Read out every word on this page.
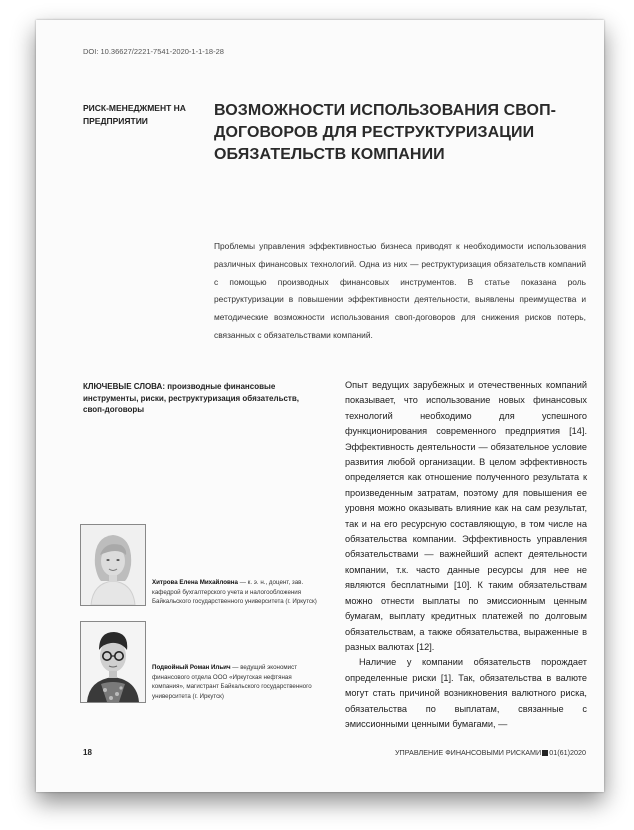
DOI: 10.36627/2221-7541-2020-1-1-18-28
РИСК-МЕНЕДЖМЕНТ НА ПРЕДПРИЯТИИ
ВОЗМОЖНОСТИ ИСПОЛЬЗОВАНИЯ СВОП-ДОГОВОРОВ ДЛЯ РЕСТРУКТУРИЗАЦИИ ОБЯЗАТЕЛЬСТВ КОМПАНИИ
Проблемы управления эффективностью бизнеса приводят к необходимости использования различных финансовых технологий. Одна из них — реструктуризация обязательств компаний с помощью производных финансовых инструментов. В статье показана роль реструктуризации в повышении эффективности деятельности, выявлены преимущества и методические возможности использования своп-договоров для снижения рисков потерь, связанных с обязательствами компаний.
КЛЮЧЕВЫЕ СЛОВА: производные финансовые инструменты, риски, реструктуризация обязательств, своп-договоры

Опыт ведущих зарубежных и отечественных компаний показывает, что использование новых финансовых технологий необходимо для успешного функционирования современного предприятия [14]. Эффективность деятельности — обязательное условие развития любой организации. В целом эффективность определяется как отношение полученного результата к произведенным затратам, поэтому для повышения ее уровня можно оказывать влияние как на сам результат, так и на его ресурсную составляющую, в том числе на обязательства компании. Эффективность управления обязательствами — важнейший аспект деятельности компании, т.к. часто данные ресурсы для нее не являются бесплатными [10]. К таким обязательствам можно отнести выплаты по эмиссионным ценным бумагам, выплату кредитных платежей по долговым обязательствам, а также обязательства, выраженные в разных валютах [12].

Наличие у компании обязательств порождает определенные риски [1]. Так, обязательства в валюте могут стать причиной возникновения валютного риска, обязательства по выплатам, связанные с эмиссионными ценными бумагами, —

Хитрова Елена Михайловна — к. э. н., доцент, зав. кафедрой бухгалтерского учета и налогообложения Байкальского государственного университета (г. Иркутск)
Подвойный Роман Ильич — ведущий экономист финансового отдела ООО «Иркутская нефтяная компания», магистрант Байкальского государственного университета (г. Иркутск)
18	УПРАВЛЕНИЕ ФИНАНСОВЫМИ РИСКАМИ 01(61)2020
